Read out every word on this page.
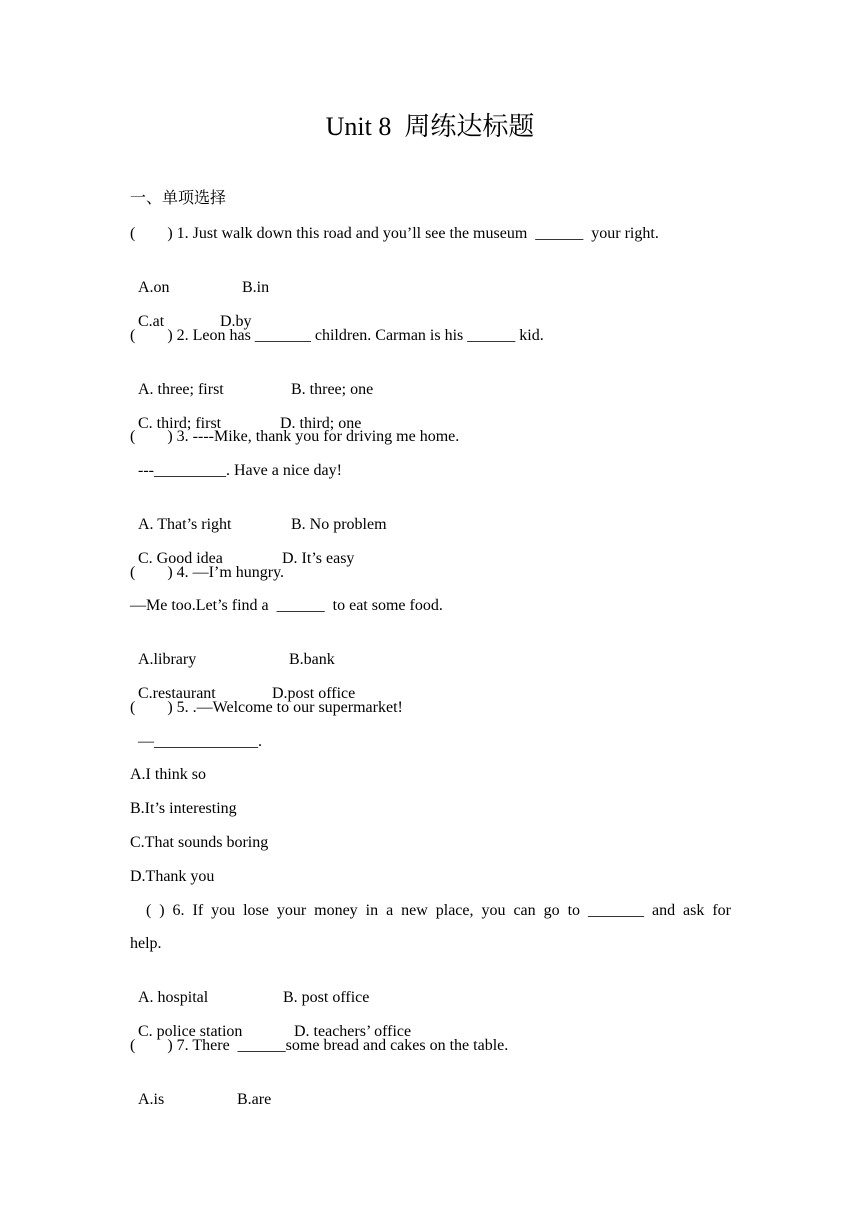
Unit 8  周练达标题
一、单项选择
(        ) 1. Just walk down this road and you’ll see the museum  ______  your right.

A.on	B.in

C.at	D.by

(        ) 2. Leon has _______ children. Carman is his ______ kid.

A. three; first	B. three; one

C. third; first	D. third; one

(        ) 3. ----Mike, thank you for driving me home.
---_________. Have a nice day!

A. That’s right	B. No problem

C. Good idea	D. It’s easy

(        ) 4. —I’m hungry.
—Me too.Let’s find a  ______  to eat some food.

A.library	B.bank

C.restaurant	D.post office

(        ) 5. .—Welcome to our supermarket!
—_____________.
A.I think so
B.It’s interesting
C.That sounds boring
D.Thank you
( ) 6. If you lose your money in a new place, you can go to _______ and ask for
help.

A. hospital	B. post office

C. police station	D. teachers’ office

(        ) 7. There  ______some bread and cakes on the table.

A.is	B.are
